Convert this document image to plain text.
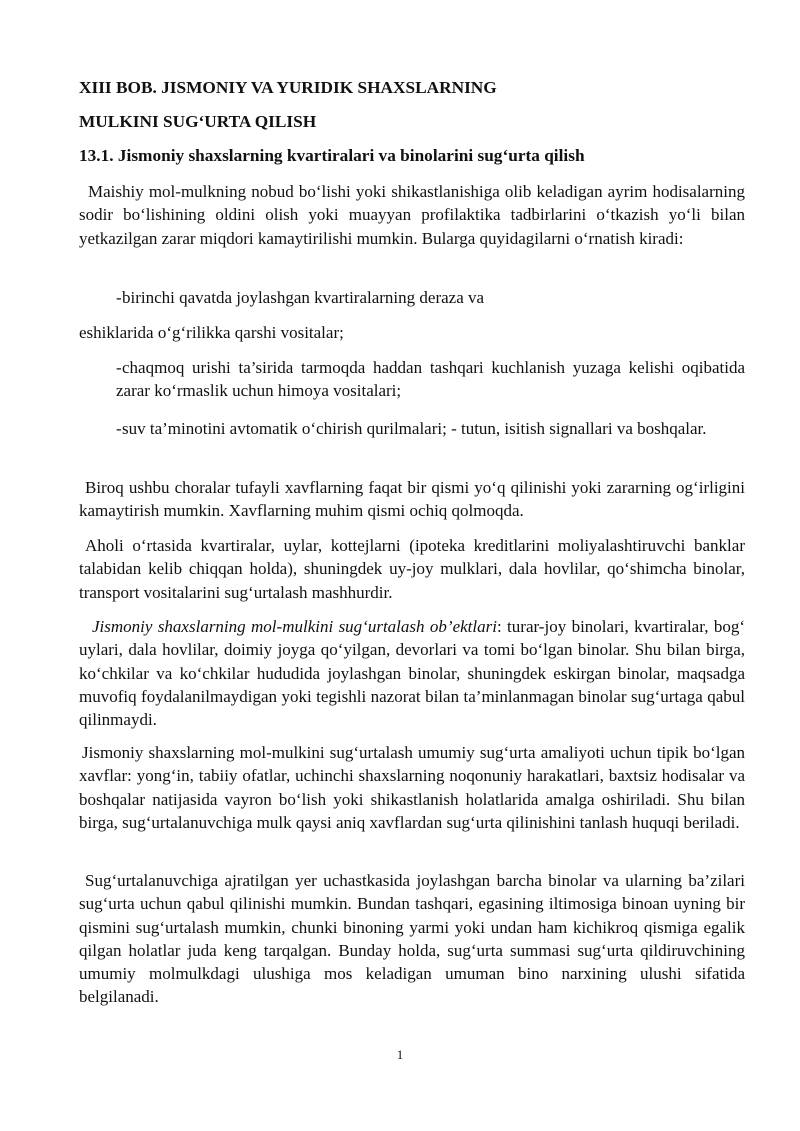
XIII BOB. JISMONIY VA YURIDIK SHAXSLARNING
MULKINI SUG‘URTA QILISH
13.1. Jismoniy shaxslarning kvartiralari va binolarini sug‘urta qilish

Maishiy mol-mulkning nobud bo‘lishi yoki shikastlanishiga olib keladigan ayrim hodisalarning sodir bo‘lishining oldini olish yoki muayyan profilaktika tadbirlarini o‘tkazish yo‘li bilan yetkazilgan zarar miqdori kamaytirilishi mumkin. Bularga quyidagilarni o‘rnatish kiradi:

-birinchi qavatda joylashgan kvartiralarning deraza va

eshiklarida o‘g‘rilikka qarshi vositalar;

-chaqmoq urishi ta’sirida tarmoqda haddan tashqari kuchlanish yuzaga kelishi oqibatida zarar ko‘rmaslik uchun himoya vositalari;

-suv ta’minotini avtomatik o‘chirish qurilmalari; - tutun, isitish signallari va boshqalar.

Biroq ushbu choralar tufayli xavflarning faqat bir qismi yo‘q qilinishi yoki zararning og‘irligini kamaytirish mumkin. Xavflarning muhim qismi ochiq qolmoqda.

Aholi o‘rtasida kvartiralar, uylar, kottejlarni (ipoteka kreditlarini moliyalashtiruvchi banklar talabidan kelib chiqqan holda), shuningdek uy-joy mulklari, dala hovlilar, qo‘shimcha binolar, transport vositalarini sug‘urtalash mashhurdir.

Jismoniy shaxslarning mol-mulkini sug‘urtalash ob’ektlari: turar-joy binolari, kvartiralar, bog‘ uylari, dala hovlilar, doimiy joyga qo‘yilgan, devorlari va tomi bo‘lgan binolar. Shu bilan birga, ko‘chkilar va ko‘chkilar hududida joylashgan binolar, shuningdek eskirgan binolar, maqsadga muvofiq foydalanilmaydigan yoki tegishli nazorat bilan ta’minlanmagan binolar sug‘urtaga qabul qilinmaydi.

Jismoniy shaxslarning mol-mulkini sug‘urtalash umumiy sug‘urta amaliyoti uchun tipik bo‘lgan xavflar: yong‘in, tabiiy ofatlar, uchinchi shaxslarning noqonuniy harakatlari, baxtsiz hodisalar va boshqalar natijasida vayron bo‘lish yoki shikastlanish holatlarida amalga oshiriladi. Shu bilan birga, sug‘urtalanuvchiga mulk qaysi aniq xavflardan sug‘urta qilinishini tanlash huquqi beriladi.

Sug‘urtalanuvchiga ajratilgan yer uchastkasida joylashgan barcha binolar va ularning ba’zilari sug‘urta uchun qabul qilinishi mumkin. Bundan tashqari, egasining iltimosiga binoan uyning bir qismini sug‘urtalash mumkin, chunki binoning yarmi yoki undan ham kichikroq qismiga egalik qilgan holatlar juda keng tarqalgan. Bunday holda, sug‘urta summasi sug‘urta qildiruvchining umumiy molmulkdagi ulushiga mos keladigan umuman bino narxining ulushi sifatida belgilanadi.

1
